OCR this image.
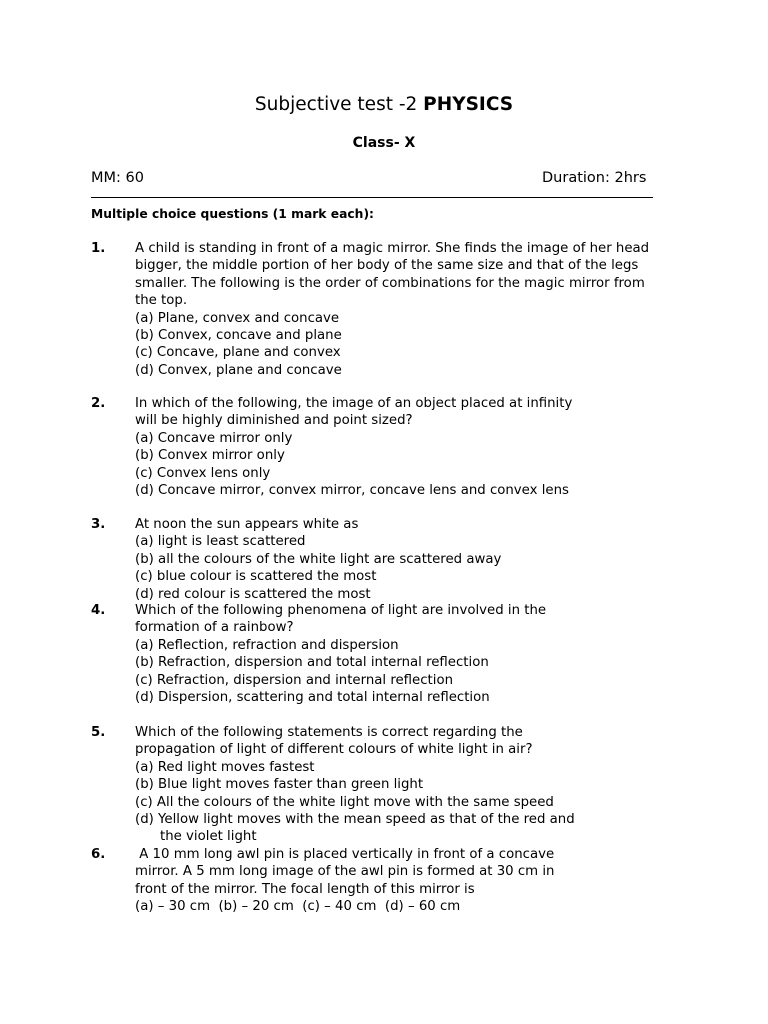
Subjective test -2 PHYSICS
Class- X
MM: 60	Duration: 2hrs
Multiple choice questions (1 mark each):
1. A child is standing in front of a magic mirror. She finds the image of her head
bigger, the middle portion of her body of the same size and that of the legs
smaller. The following is the order of combinations for the magic mirror from
the top.
(a) Plane, convex and concave
(b) Convex, concave and plane
(c) Concave, plane and convex
(d) Convex, plane and concave
2. In which of the following, the image of an object placed at infinity
will be highly diminished and point sized?
(a) Concave mirror only
(b) Convex mirror only
(c) Convex lens only
(d) Concave mirror, convex mirror, concave lens and convex lens
3. At noon the sun appears white as
(a) light is least scattered
(b) all the colours of the white light are scattered away
(c) blue colour is scattered the most
(d) red colour is scattered the most
4. Which of the following phenomena of light are involved in the
formation of a rainbow?
(a) Reflection, refraction and dispersion
(b) Refraction, dispersion and total internal reflection
(c) Refraction, dispersion and internal reflection
(d) Dispersion, scattering and total internal reflection
5. Which of the following statements is correct regarding the
propagation of light of different colours of white light in air?
(a) Red light moves fastest
(b) Blue light moves faster than green light
(c) All the colours of the white light move with the same speed
(d) Yellow light moves with the mean speed as that of the red and
the violet light
6. A 10 mm long awl pin is placed vertically in front of a concave
mirror. A 5 mm long image of the awl pin is formed at 30 cm in
front of the mirror. The focal length of this mirror is
(a) – 30 cm  (b) – 20 cm  (c) – 40 cm  (d) – 60 cm
